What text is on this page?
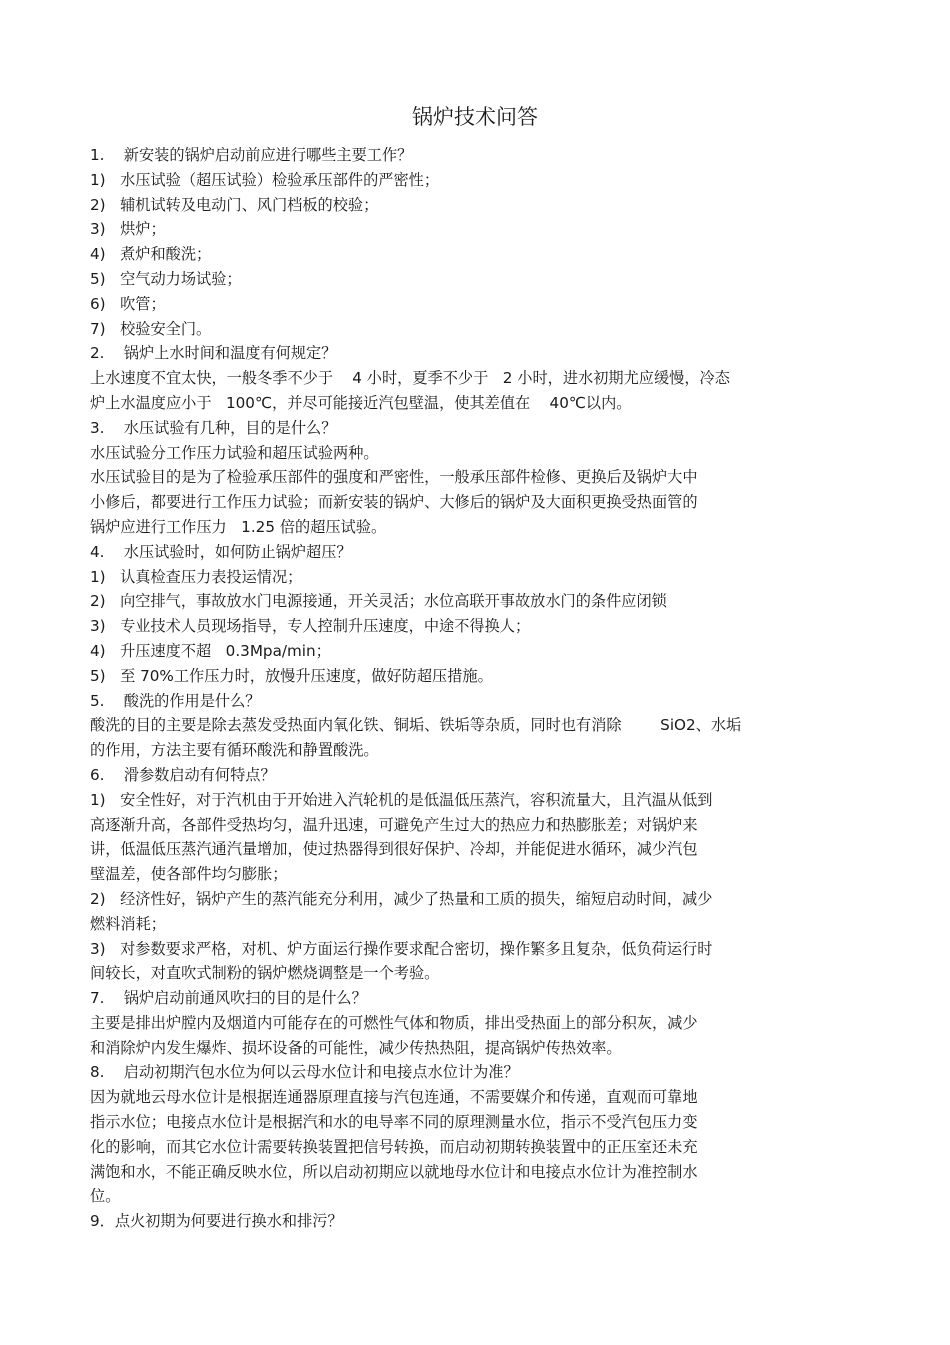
锅炉技术问答
1.    新安装的锅炉启动前应进行哪些主要工作？
1)   水压试验（超压试验）检验承压部件的严密性；
2)   辅机试转及电动门、风门档板的校验；
3)   烘炉；
4)   煮炉和酸洗；
5)   空气动力场试验；
6)   吹管；
7)   校验安全门。
2.    锅炉上水时间和温度有何规定？
上水速度不宜太快，一般冬季不少于    4 小时，夏季不少于   2 小时，进水初期尤应缓慢，冷态
炉上水温度应小于   100℃，并尽可能接近汽包壁温，使其差值在    40℃以内。
3.    水压试验有几种，目的是什么？
水压试验分工作压力试验和超压试验两种。
水压试验目的是为了检验承压部件的强度和严密性，一般承压部件检修、更换后及锅炉大中
小修后，都要进行工作压力试验；而新安装的锅炉、大修后的锅炉及大面积更换受热面管的
锅炉应进行工作压力   1.25 倍的超压试验。
4.    水压试验时，如何防止锅炉超压？
1)   认真检查压力表投运情况；
2)   向空排气，事故放水门电源接通，开关灵活；水位高联开事故放水门的条件应闭锁
3)   专业技术人员现场指导，专人控制升压速度，中途不得换人；
4)   升压速度不超   0.3Mpa/min；
5)   至 70%工作压力时，放慢升压速度，做好防超压措施。
5.    酸洗的作用是什么？
酸洗的目的主要是除去蒸发受热面内氧化铁、铜垢、铁垢等杂质，同时也有消除        SiO2、水垢
的作用，方法主要有循环酸洗和静置酸洗。
6.    滑参数启动有何特点？
1)   安全性好，对于汽机由于开始进入汽轮机的是低温低压蒸汽，容积流量大，且汽温从低到
高逐渐升高，各部件受热均匀，温升迅速，可避免产生过大的热应力和热膨胀差；对锅炉来
讲，低温低压蒸汽通汽量增加，使过热器得到很好保护、冷却，并能促进水循环，减少汽包
壁温差，使各部件均匀膨胀；
2)   经济性好，锅炉产生的蒸汽能充分利用，减少了热量和工质的损失，缩短启动时间，减少
燃料消耗；
3)   对参数要求严格，对机、炉方面运行操作要求配合密切，操作繁多且复杂，低负荷运行时
间较长，对直吹式制粉的锅炉燃烧调整是一个考验。
7.    锅炉启动前通风吹扫的目的是什么？
主要是排出炉膛内及烟道内可能存在的可燃性气体和物质，排出受热面上的部分积灰，减少
和消除炉内发生爆炸、损坏设备的可能性，减少传热热阻，提高锅炉传热效率。
8.    启动初期汽包水位为何以云母水位计和电接点水位计为准？
因为就地云母水位计是根据连通器原理直接与汽包连通，不需要媒介和传递，直观而可靠地
指示水位；电接点水位计是根据汽和水的电导率不同的原理测量水位，指示不受汽包压力变
化的影响，而其它水位计需要转换装置把信号转换，而启动初期转换装置中的正压室还未充
满饱和水，不能正确反映水位，所以启动初期应以就地母水位计和电接点水位计为准控制水
位。
9．点火初期为何要进行换水和排污？
